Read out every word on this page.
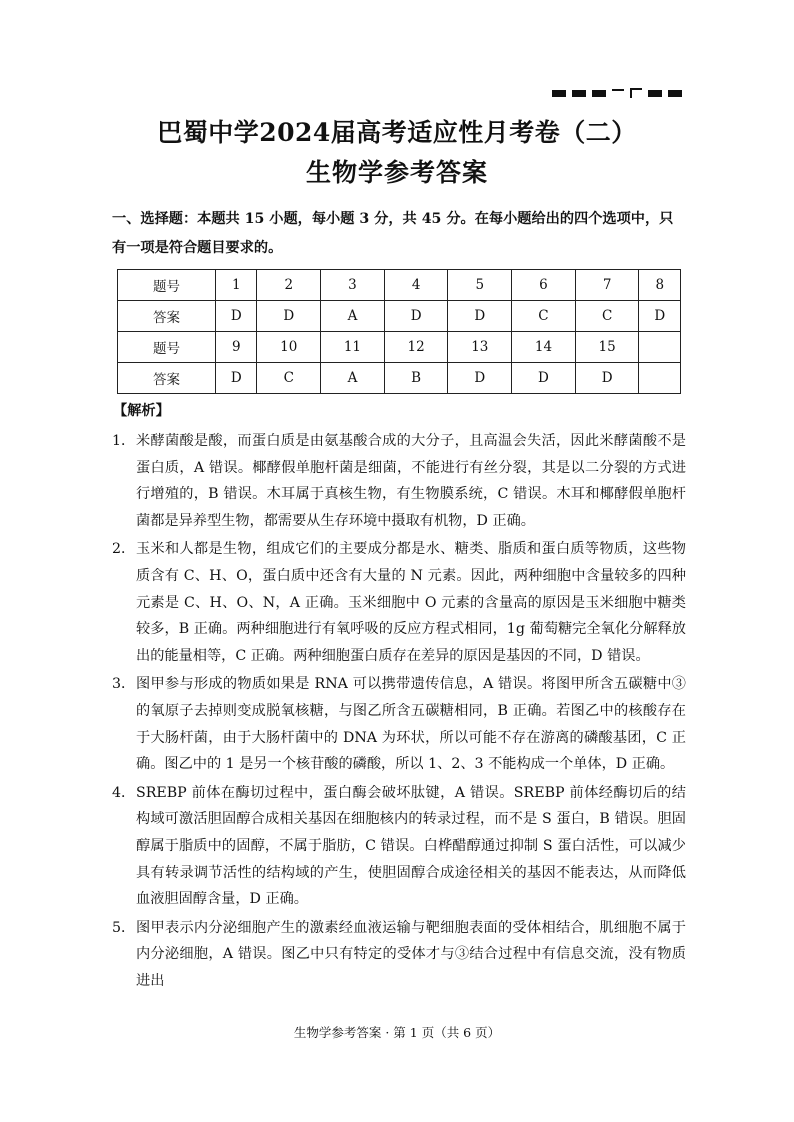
巴蜀中学2024届高考适应性月考卷（二）
生物学参考答案
一、选择题：本题共 15 小题，每小题 3 分，共 45 分。在每小题给出的四个选项中，只有一项是符合题目要求的。
题号	1	2	3	4	5	6	7	8
答案	D	D	A	D	D	C	C	D
题号	9	10	11	12	13	14	15	
答案	D	C	A	B	D	D	D	
【解析】
1． 米酵菌酸是酸，而蛋白质是由氨基酸合成的大分子，且高温会失活，因此米酵菌酸不是蛋白质，A 错误。椰酵假单胞杆菌是细菌，不能进行有丝分裂，其是以二分裂的方式进行增殖的，B 错误。木耳属于真核生物，有生物膜系统，C 错误。木耳和椰酵假单胞杆菌都是异养型生物，都需要从生存环境中摄取有机物，D 正确。
2． 玉米和人都是生物，组成它们的主要成分都是水、糖类、脂质和蛋白质等物质，这些物质含有 C、H、O，蛋白质中还含有大量的 N 元素。因此，两种细胞中含量较多的四种元素是 C、H、O、N，A 正确。玉米细胞中 O 元素的含量高的原因是玉米细胞中糖类较多，B 正确。两种细胞进行有氧呼吸的反应方程式相同，1g 葡萄糖完全氧化分解释放出的能量相等，C 正确。两种细胞蛋白质存在差异的原因是基因的不同，D 错误。
3． 图甲参与形成的物质如果是 RNA 可以携带遗传信息，A 错误。将图甲所含五碳糖中③的氧原子去掉则变成脱氧核糖，与图乙所含五碳糖相同，B 正确。若图乙中的核酸存在于大肠杆菌，由于大肠杆菌中的 DNA 为环状，所以可能不存在游离的磷酸基团，C 正确。图乙中的 1 是另一个核苷酸的磷酸，所以 1、2、3 不能构成一个单体，D 正确。
4． SREBP 前体在酶切过程中，蛋白酶会破坏肽键，A 错误。SREBP 前体经酶切后的结构域可激活胆固醇合成相关基因在细胞核内的转录过程，而不是 S 蛋白，B 错误。胆固醇属于脂质中的固醇，不属于脂肪，C 错误。白桦醋醇通过抑制 S 蛋白活性，可以减少具有转录调节活性的结构域的产生，使胆固醇合成途径相关的基因不能表达，从而降低血液胆固醇含量，D 正确。
5． 图甲表示内分泌细胞产生的激素经血液运输与靶细胞表面的受体相结合，肌细胞不属于内分泌细胞，A 错误。图乙中只有特定的受体才与③结合过程中有信息交流，没有物质进出
生物学参考答案 · 第 1 页（共 6 页）
